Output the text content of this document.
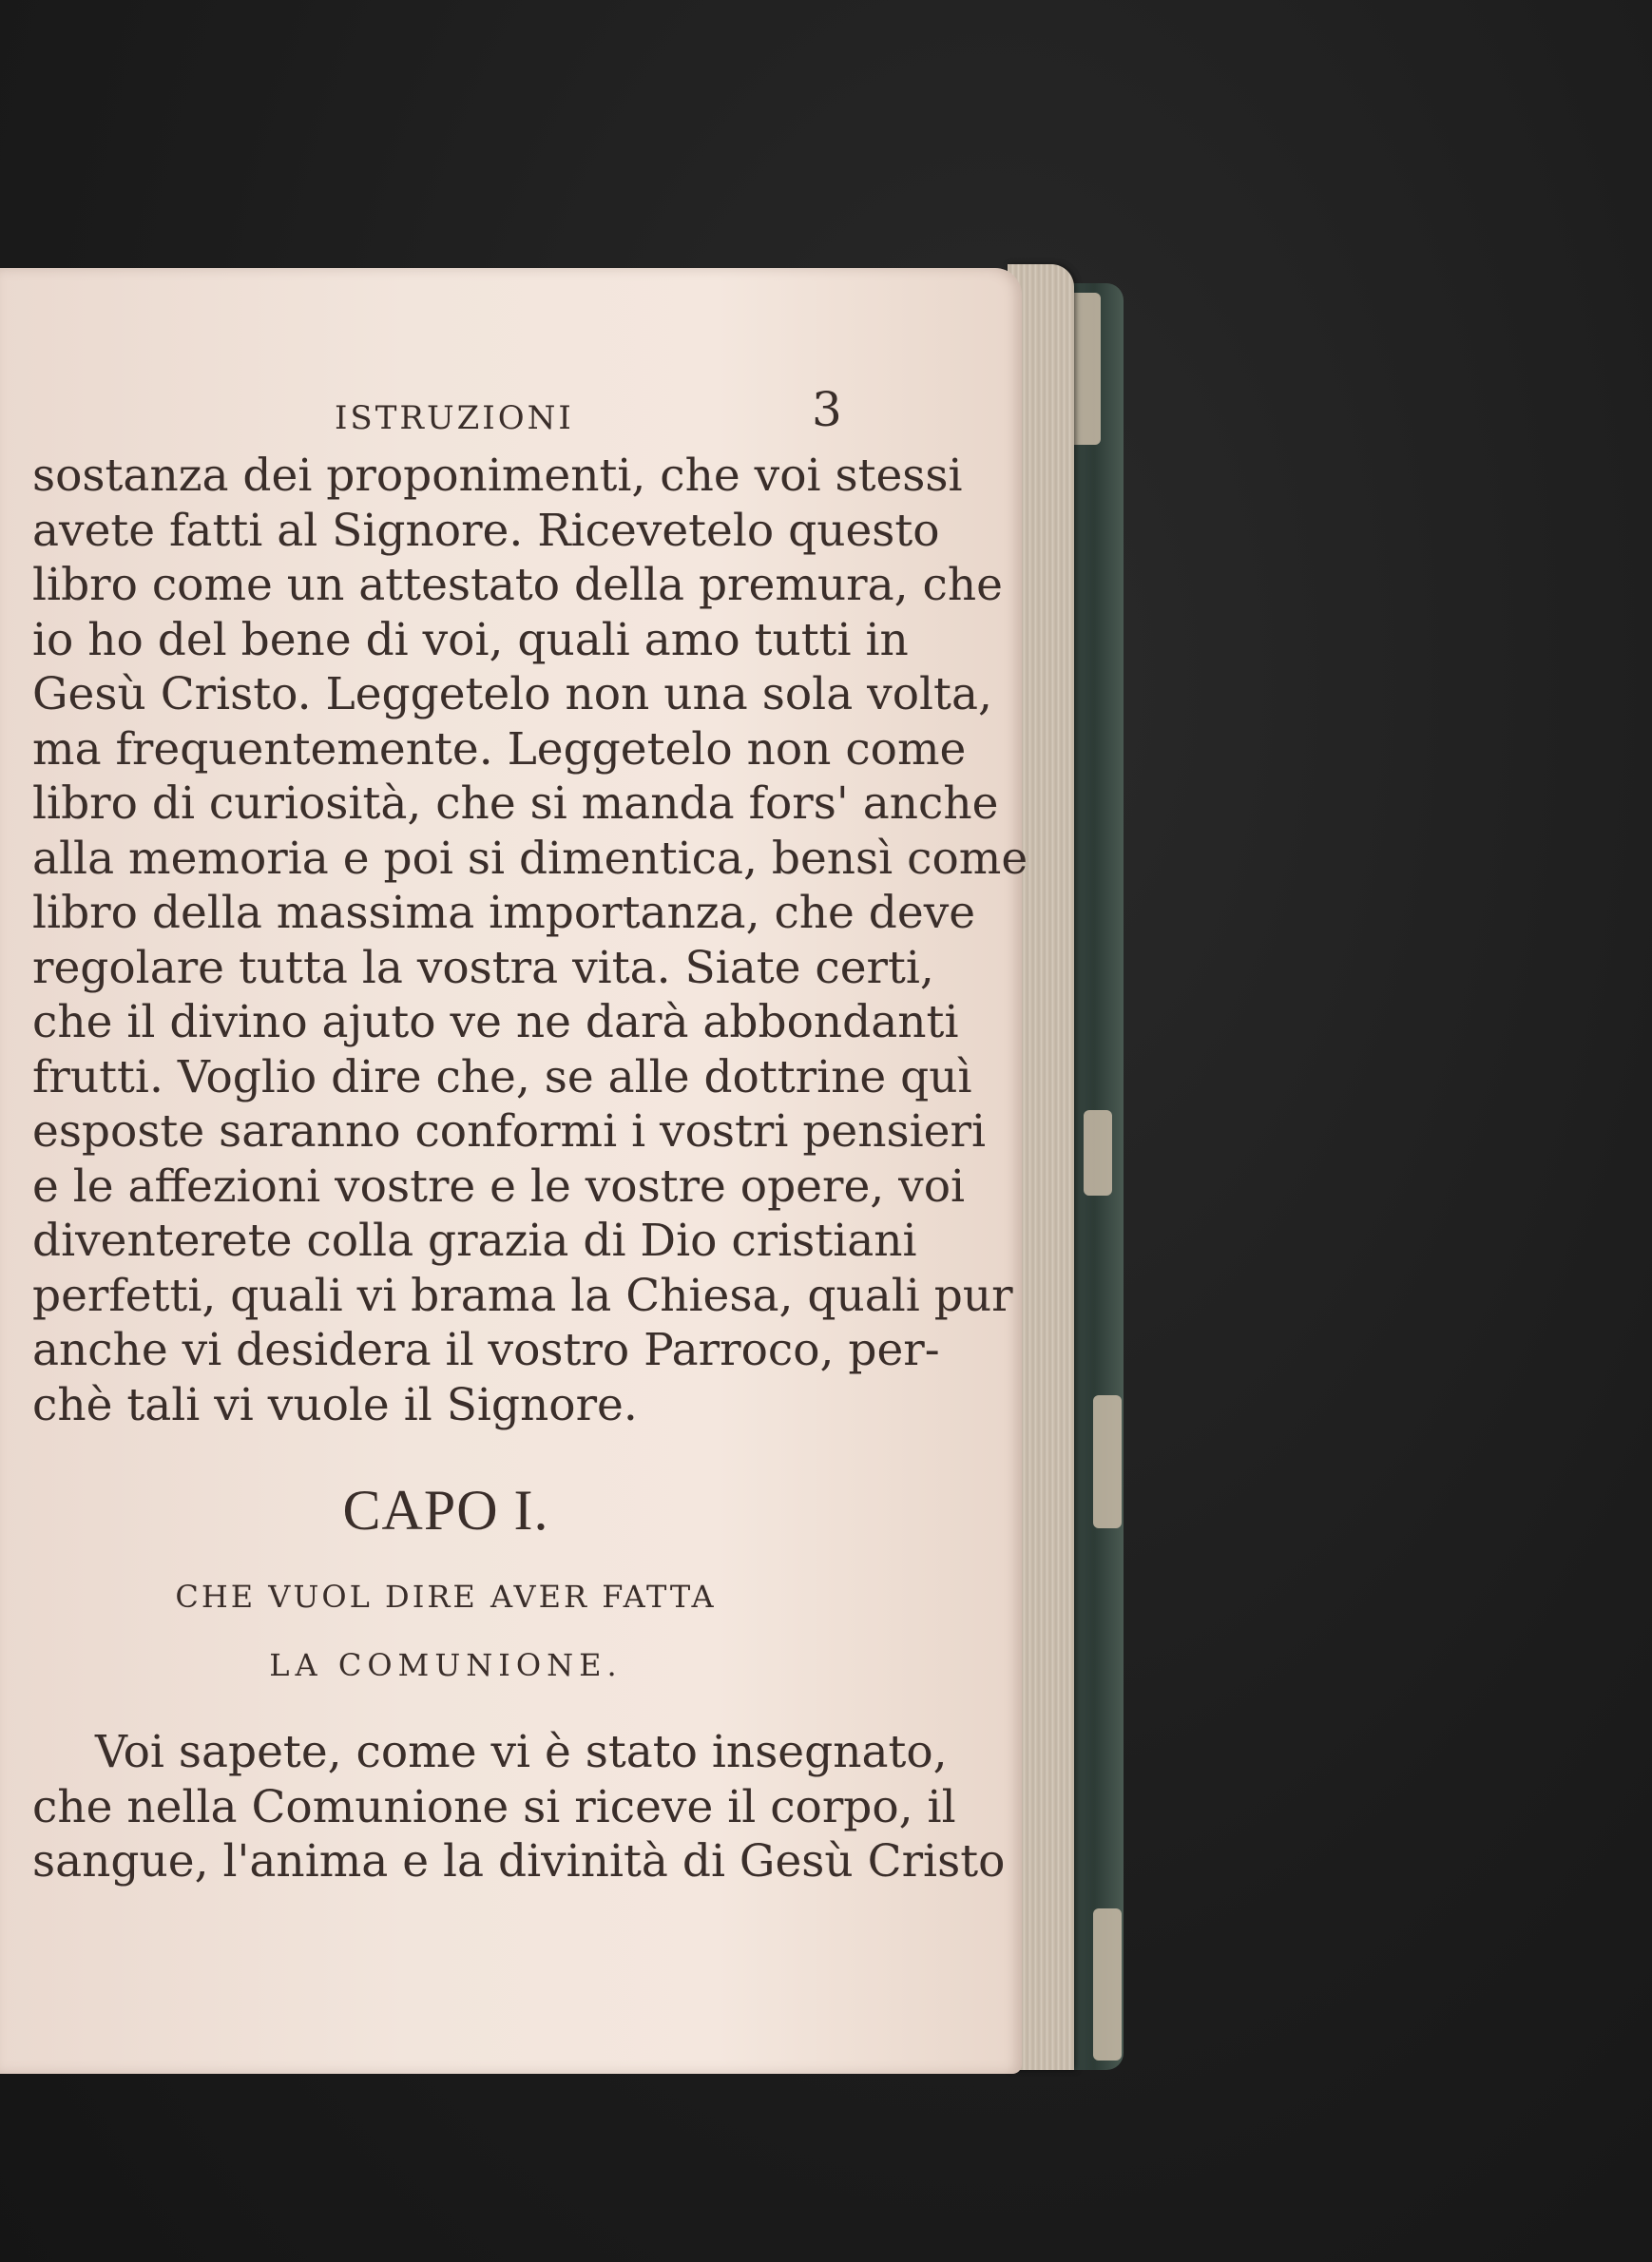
ISTRUZIONI	3
sostanza dei proponimenti, che voi stessi
avete fatti al Signore. Ricevetelo questo
libro come un attestato della premura, che
io ho del bene di voi, quali amo tutti in
Gesù Cristo. Leggetelo non una sola volta,
ma frequentemente. Leggetelo non come
libro di curiosità, che si manda fors' anche
alla memoria e poi si dimentica, bensì come
libro della massima importanza, che deve
regolare tutta la vostra vita. Siate certi,
che il divino ajuto ve ne darà abbondanti
frutti. Voglio dire che, se alle dottrine quì
esposte saranno conformi i vostri pensieri
e le affezioni vostre e le vostre opere, voi
diventerete colla grazia di Dio cristiani
perfetti, quali vi brama la Chiesa, quali pur
anche vi desidera il vostro Parroco, per-
chè tali vi vuole il Signore.
CAPO I.
CHE VUOL DIRE AVER FATTA
LA COMUNIONE.
Voi sapete, come vi è stato insegnato,
che nella Comunione si riceve il corpo, il
sangue, l'anima e la divinità di Gesù Cristo
